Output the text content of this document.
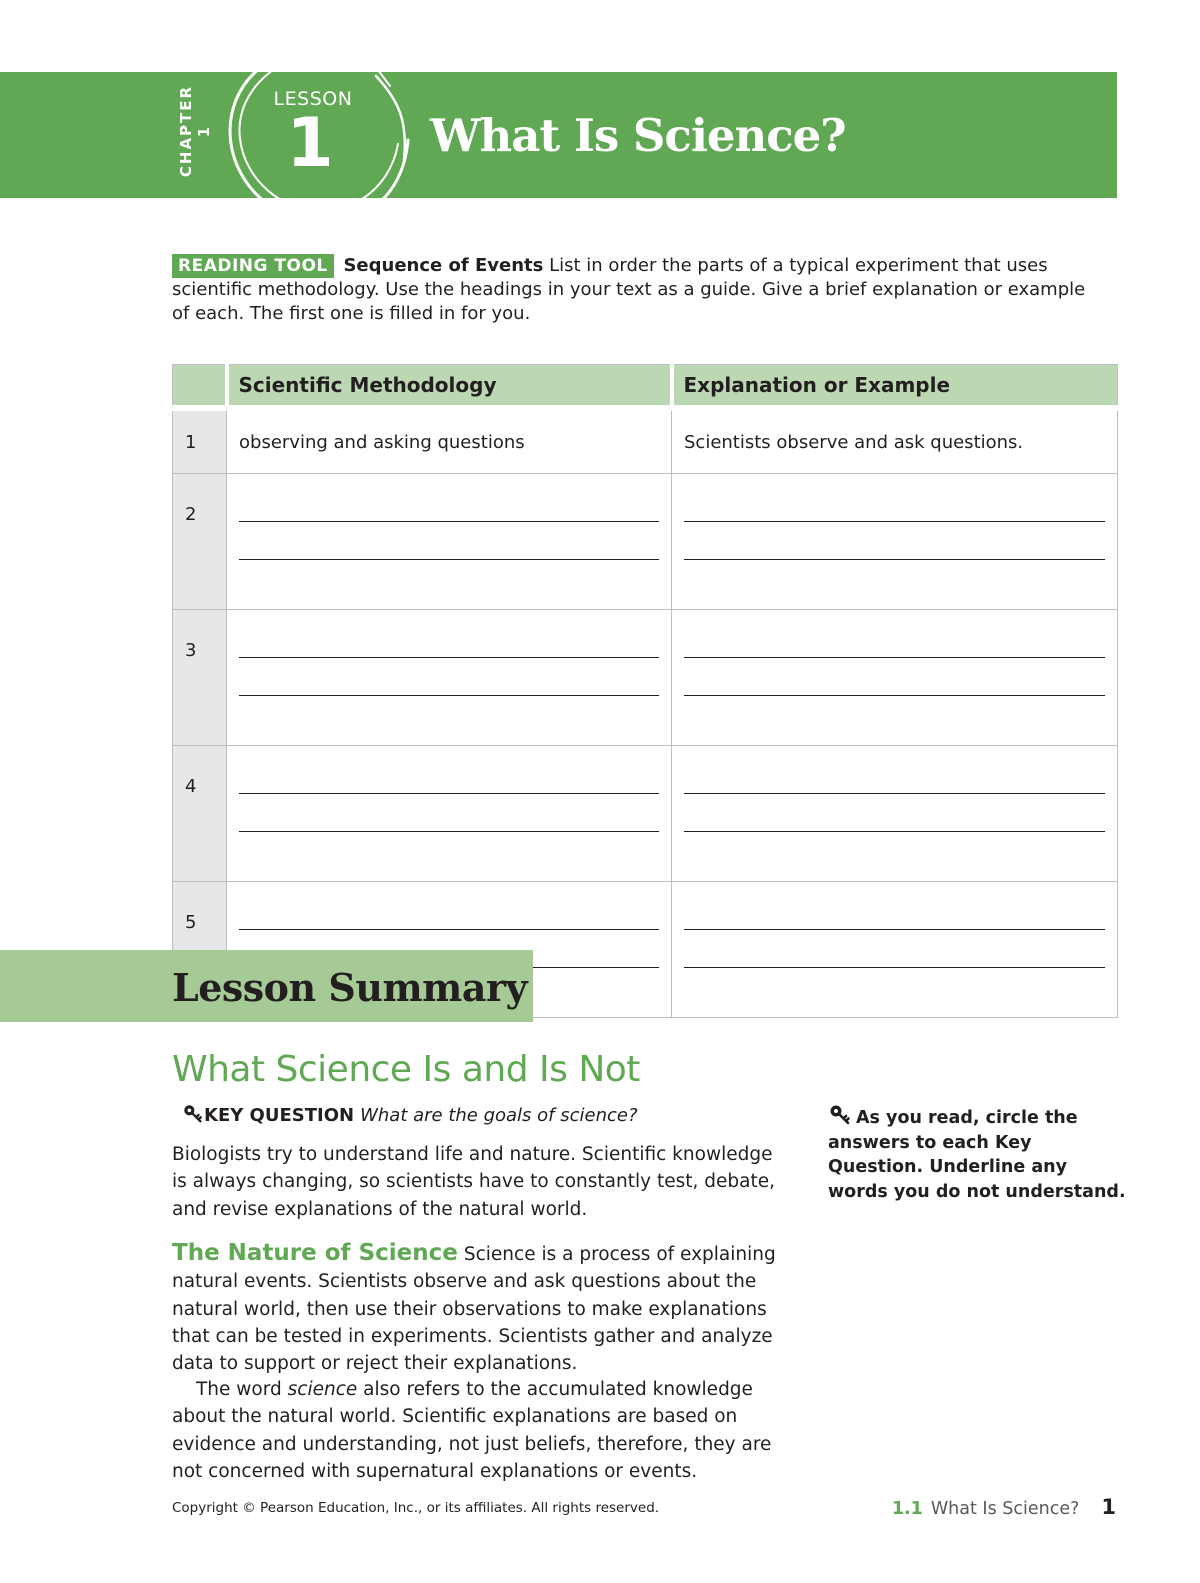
CHAPTER 1
LESSON
1	What Is Science?
READING TOOL Sequence of Events List in order the parts of a typical experiment that uses scientific methodology. Use the headings in your text as a guide. Give a brief explanation or example of each. The first one is filled in for you.
	Scientific Methodology	Explanation or Example
1	observing and asking questions	Scientists observe and ask questions.
2	

3	

4	

5	

Lesson Summary
What Science Is and Is Not
KEY QUESTION What are the goals of science?
Biologists try to understand life and nature. Scientific knowledge is always changing, so scientists have to constantly test, debate, and revise explanations of the natural world.
The Nature of Science Science is a process of explaining natural events. Scientists observe and ask questions about the natural world, then use their observations to make explanations that can be tested in experiments. Scientists gather and analyze data to support or reject their explanations.
The word science also refers to the accumulated knowledge about the natural world. Scientific explanations are based on evidence and understanding, not just beliefs, therefore, they are not concerned with supernatural explanations or events.
As you read, circle the answers to each Key Question. Underline any words you do not understand.
Copyright © Pearson Education, Inc., or its affiliates. All rights reserved.	1.1 What Is Science? 1
